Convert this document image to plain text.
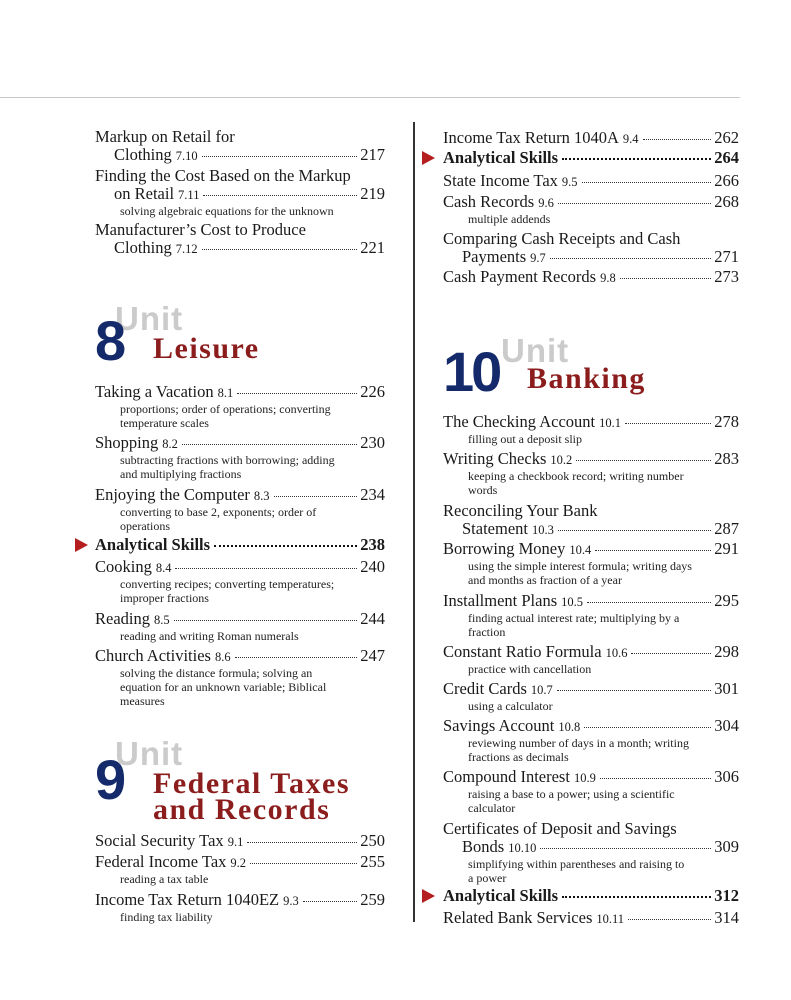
Markup on Retail for
Clothing 7.10	217
Finding the Cost Based on the Markup
on Retail 7.11	219
solving algebraic equations for the unknown
Manufacturer’s Cost to Produce
Clothing 7.12	221
Unit
8 Leisure
Taking a Vacation 8.1	226
proportions; order of operations; converting
temperature scales
Shopping 8.2	230
subtracting fractions with borrowing; adding
and multiplying fractions
Enjoying the Computer 8.3	234
converting to base 2, exponents; order of
operations
Analytical Skills	238
Cooking 8.4	240
converting recipes; converting temperatures;
improper fractions
Reading 8.5	244
reading and writing Roman numerals
Church Activities 8.6	247
solving the distance formula; solving an
equation for an unknown variable; Biblical
measures
Unit
9 Federal Taxes
and Records
Social Security Tax 9.1	250
Federal Income Tax 9.2	255
reading a tax table
Income Tax Return 1040EZ 9.3	259
finding tax liability
Income Tax Return 1040A 9.4	262
Analytical Skills	264
State Income Tax 9.5	266
Cash Records 9.6	268
multiple addends
Comparing Cash Receipts and Cash
Payments 9.7	271
Cash Payment Records 9.8	273
Unit
10 Banking
The Checking Account 10.1	278
filling out a deposit slip
Writing Checks 10.2	283
keeping a checkbook record; writing number
words
Reconciling Your Bank
Statement 10.3	287
Borrowing Money 10.4	291
using the simple interest formula; writing days
and months as fraction of a year
Installment Plans 10.5	295
finding actual interest rate; multiplying by a
fraction
Constant Ratio Formula 10.6	298
practice with cancellation
Credit Cards 10.7	301
using a calculator
Savings Account 10.8	304
reviewing number of days in a month; writing
fractions as decimals
Compound Interest 10.9	306
raising a base to a power; using a scientific
calculator
Certificates of Deposit and Savings
Bonds 10.10	309
simplifying within parentheses and raising to
a power
Analytical Skills	312
Related Bank Services 10.11	314
